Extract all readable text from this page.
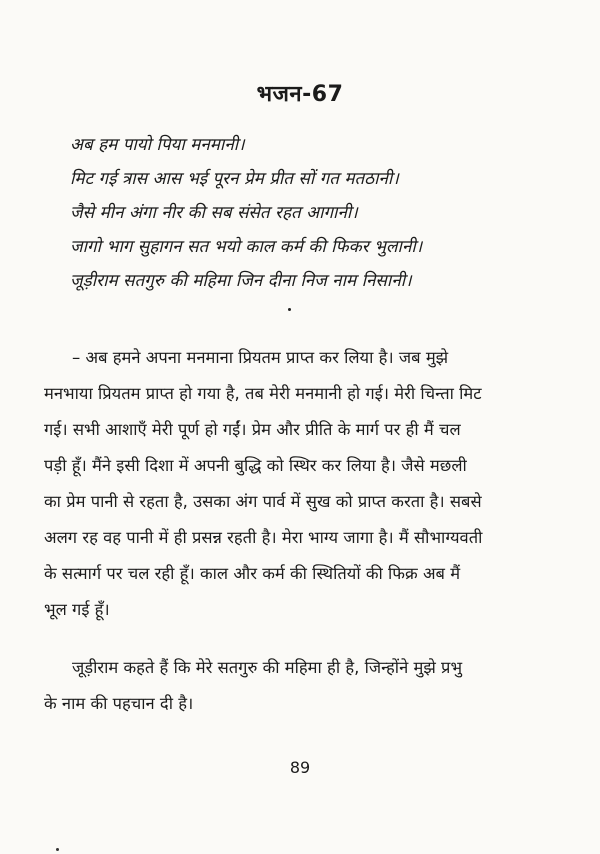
भजन-67
अब हम पायो पिया मनमानी।
मिट गई त्रास आस भई पूरन प्रेम प्रीत सों गत मतठानी।
जैसे मीन अंगा नीर की सब संसेत रहत आगानी।
जागो भाग सुहागन सत भयो काल कर्म की फिकर भुलानी।
जूड़ीराम सतगुरु की महिमा जिन दीना निज नाम निसानी।
– अब हमने अपना मनमाना प्रियतम प्राप्त कर लिया है। जब मुझे
मनभाया प्रियतम प्राप्त हो गया है, तब मेरी मनमानी हो गई। मेरी चिन्ता मिट
गई। सभी आशाएँ मेरी पूर्ण हो गईं। प्रेम और प्रीति के मार्ग पर ही मैं चल
पड़ी हूँ। मैंने इसी दिशा में अपनी बुद्धि को स्थिर कर लिया है। जैसे मछली
का प्रेम पानी से रहता है, उसका अंग पार्व में सुख को प्राप्त करता है। सबसे
अलग रह वह पानी में ही प्रसन्न रहती है। मेरा भाग्य जागा है। मैं सौभाग्यवती
के सत्मार्ग पर चल रही हूँ। काल और कर्म की स्थितियों की फिक्र अब मैं
भूल गई हूँ।
जूड़ीराम कहते हैं कि मेरे सतगुरु की महिमा ही है, जिन्होंने मुझे प्रभु
के नाम की पहचान दी है।
89
